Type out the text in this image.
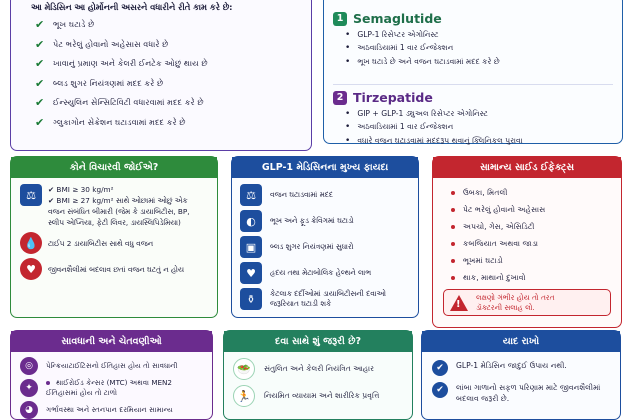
આ મેડિસિન આ હોર્મોનની અસરને વધારીને રીતે કામ કરે છે:
✔	ભૂખ ઘટાડે છે
✔	પેટ ભરેલું હોવાનો અહેસાસ વધારે છે
✔	ખાવાનું પ્રમાણ અને કેલરી ઈનટેક ઓછું થાય છે
✔	બ્લડ શુગર નિયંત્રણમાં મદદ કરે છે
✔	ઈન્સ્યુલિન સેન્સિટિવિટી વધારવામાં મદદ કરે છે
✔	ગ્લુકાગોન સેક્રેશન ઘટાડવામાં મદદ કરે છે
1 Semaglutide
• GLP-1 રિસેપ્ટર એગોનિસ્ટ
• અઠવાડિયામાં 1 વાર ઈન્જેક્શન
• ભૂખ ઘટાડે છે અને વજન ઘટાડવામાં મદદ કરે છે
2 Tirzepatide
• GIP + GLP-1 ડ્યુઅલ રિસેપ્ટર એગોનિસ્ટ
• અઠવાડિયામાં 1 વાર ઈન્જેક્શન
• વધારે વજન ઘટાડવામાં મદદરૂપ થવાનું ક્લિનિકલ પુરાવા
કોને વિચારવી જોઈએ?
⚖	✔ BMI ≥ 30 kg/m²
✔ BMI ≥ 27 kg/m² સાથે ઓછામાં ઓછું એક
વજન સંબંધિત બીમારી (જેમ કે ડાયાબિટીસ, BP,
સ્લીપ એપ્નિયા, ફેટી લિવર, ડાયસ્લિપિડેમિયા)
💧	ટાઈપ 2 ડાયાબિટીસ સાથે વધુ વજન
♥	જીવનશૈલીમાં બદલાવ છતાં વજન ઘટતું ન હોય
GLP-1 મેડિસિનના મુખ્ય ફાયદા
⚖	વજન ઘટાડવામાં મદદ
◐	ભૂખ અને ફૂડ ક્રેવિંગમાં ઘટાડો
▣	બ્લડ શુગર નિયંત્રણમાં સુધારો
♥	હૃદય તથા મેટાબોલિક હેલ્થને લાભ
⚱	કેટલાક દર્દીઓમાં ડાયાબિટીસની દવાઓ
જરૂરિયાત ઘટાડી શકે
સામાન્ય સાઈડ ઈફેક્ટ્સ
ઉબકા, મિતલી
પેટ ભરેલું હોવાનો અહેસાસ
અપચો, ગેસ, એસિડિટી
કબજિયાત અથવા જાડા
ભૂખમાં ઘટાડો
થાક, માથાનો દુખાવો
!
લક્ષણો ગંભીર હોય તો તરત
ડૉક્ટરની સલાહ લો.
સાવધાની અને ચેતવણીઓ
◎	પેન્ક્રિયાટાઈટિસનો ઈતિહાસ હોય તો સાવધાની
✦
થાઈરોઈડ કેન્સર (MTC) અથવા MEN2
ઈતિહાસમાં હોય તો ટાળો
◕	ગર્ભાવસ્થા અને સ્તનપાન દરમિયાન સામાન્ય
દવા સાથે શું જરૂરી છે?
🥗	સંતુલિત અને કેલરી નિયંત્રિત આહાર
🏃	નિયમિત વ્યાયામ અને શારીરિક પ્રવૃત્તિ
યાદ રાખો
✔	GLP-1 મેડિસિન જાદુઈ ઉપાય નથી.
✔	લાંબા ગાળાનો સફળ પરિણામ માટે જીવનશૈલીમાં
બદલાવ જરૂરી છે.
